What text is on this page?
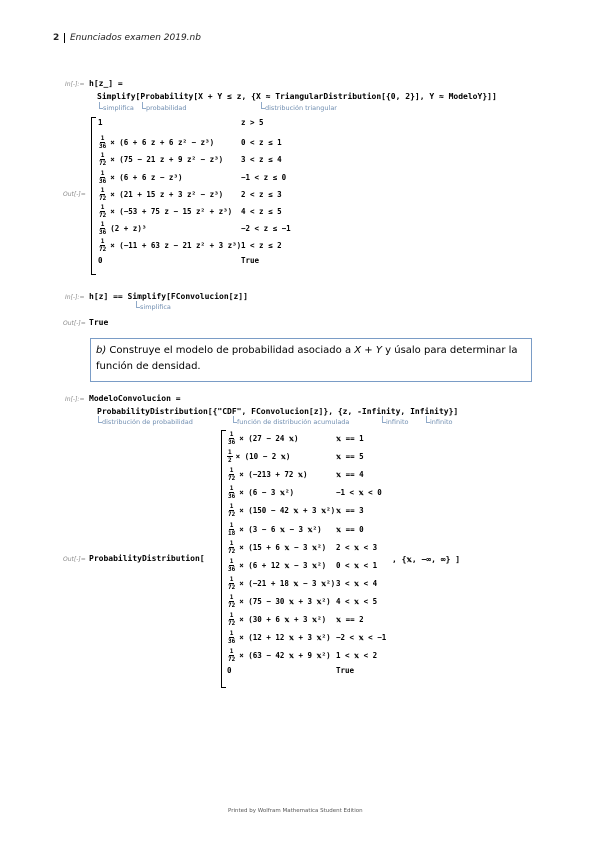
2 Enunciados examen 2019.nb
In[-]:= h[z_] =
Simplify[Probability[X + Y ≤ z, {X ≈ TriangularDistribution[{0, 2}], Y ≈ ModeloY}]]
simplifica probabilidad	distribución triangular
Out[-]=
1	z > 5
$\frac{1}{36} \times (6 + 6$ z + 6 z² − z³)	0 < z ≤ 1
$\frac{1}{72} \times (75 - 21$ z + 9 z² − z³) 3 < z ≤ 4
$\frac{1}{36} \times (6 + 6$ z − z³)	−1 < z ≤ 0
$\frac{1}{72} \times (21 + 15$ z + 3 z² − z³) 2 < z ≤ 3
$\frac{1}{72} \times (-53 + 75$ z − 15 z² + z³) 4 < z ≤ 5
$\frac{1}{36} (2 + z)^3$	−2 < z ≤ −1
$\frac{1}{72} \times (-11 + 63$ z − 21 z² + 3 z³) 1 < z ≤ 2
0	True
In[-]:= h[z] == Simplify[FConvolucion[z]]
simplifica
Out[-]= True
b) Construye el modelo de probabilidad asociado a X + Y y úsalo para determinar la función de densidad.
In[-]:= ModeloConvolucion =
ProbabilityDistribution[{"CDF", FConvolucion[z]}, {z, -Infinity, Infinity}]
distribución de probabilidad	función de distribución acumulada	infinito	infinito
Out[-]= ProbabilityDistribution[
$\frac{1}{36} \times (27 - 24$ 𝕩)	𝕩 == 1
$\frac{1}{2} \times (10 - 2$ 𝕩)	𝕩 == 5
$\frac{1}{72} \times (-213 + 72$ 𝕩)	𝕩 == 4
$\frac{1}{36} \times (6 - 3$ 𝕩²)	−1 < 𝕩 < 0
$\frac{1}{72} \times (150 - 42$ 𝕩 + 3 𝕩²) 𝕩 == 3
$\frac{1}{18} \times (3 - 6$ 𝕩 − 3 𝕩²) 𝕩 == 0
$\frac{1}{72} \times (15 + 6$ 𝕩 − 3 𝕩²) 2 < 𝕩 < 3
$\frac{1}{36} \times (6 + 12$ 𝕩 − 3 𝕩²) 0 < 𝕩 < 1
$\frac{1}{72} \times (-21 + 18$ 𝕩 − 3 𝕩²) 3 < 𝕩 < 4
$\frac{1}{72} \times (75 - 30$ 𝕩 + 3 𝕩²) 4 < 𝕩 < 5
$\frac{1}{72} \times (30 + 6$ 𝕩 + 3 𝕩²) 𝕩 == 2
$\frac{1}{36} \times (12 + 12$ 𝕩 + 3 𝕩²) −2 < 𝕩 < −1
$\frac{1}{72} \times (63 - 42$ 𝕩 + 9 𝕩²) 1 < 𝕩 < 2
0	True
, {𝕩, −∞, ∞} ]
Printed by Wolfram Mathematica Student Edition
